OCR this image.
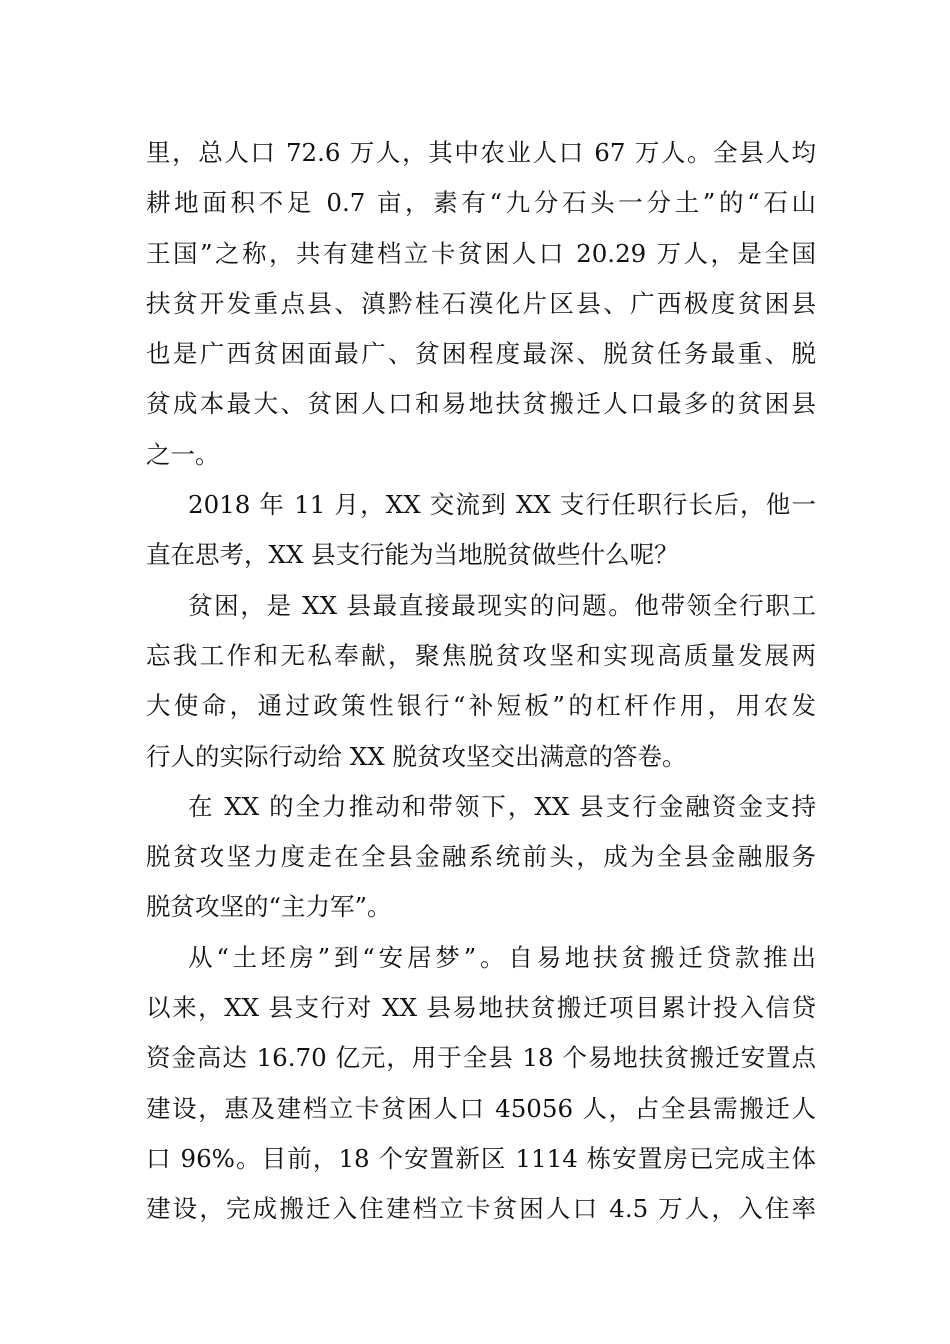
里，总人口 72.6 万人，其中农业人口 67 万人。全县人均
耕地面积不足 0.7 亩，素有“九分石头一分土”的“石山
王国”之称，共有建档立卡贫困人口 20.29 万人，是全国
扶贫开发重点县、滇黔桂石漠化片区县、广西极度贫困县
也是广西贫困面最广、贫困程度最深、脱贫任务最重、脱
贫成本最大、贫困人口和易地扶贫搬迁人口最多的贫困县
之一。
2018 年 11 月，XX 交流到 XX 支行任职行长后，他一
直在思考，XX 县支行能为当地脱贫做些什么呢？
贫困，是 XX 县最直接最现实的问题。他带领全行职工
忘我工作和无私奉献，聚焦脱贫攻坚和实现高质量发展两
大使命，通过政策性银行“补短板”的杠杆作用，用农发
行人的实际行动给 XX 脱贫攻坚交出满意的答卷。
在 XX 的全力推动和带领下，XX 县支行金融资金支持
脱贫攻坚力度走在全县金融系统前头，成为全县金融服务
脱贫攻坚的“主力军”。
从“土坯房”到“安居梦”。自易地扶贫搬迁贷款推出
以来，XX 县支行对 XX 县易地扶贫搬迁项目累计投入信贷
资金高达 16.70 亿元，用于全县 18 个易地扶贫搬迁安置点
建设，惠及建档立卡贫困人口 45056 人，占全县需搬迁人
口 96%。目前，18 个安置新区 1114 栋安置房已完成主体
建设，完成搬迁入住建档立卡贫困人口 4.5 万人，入住率
